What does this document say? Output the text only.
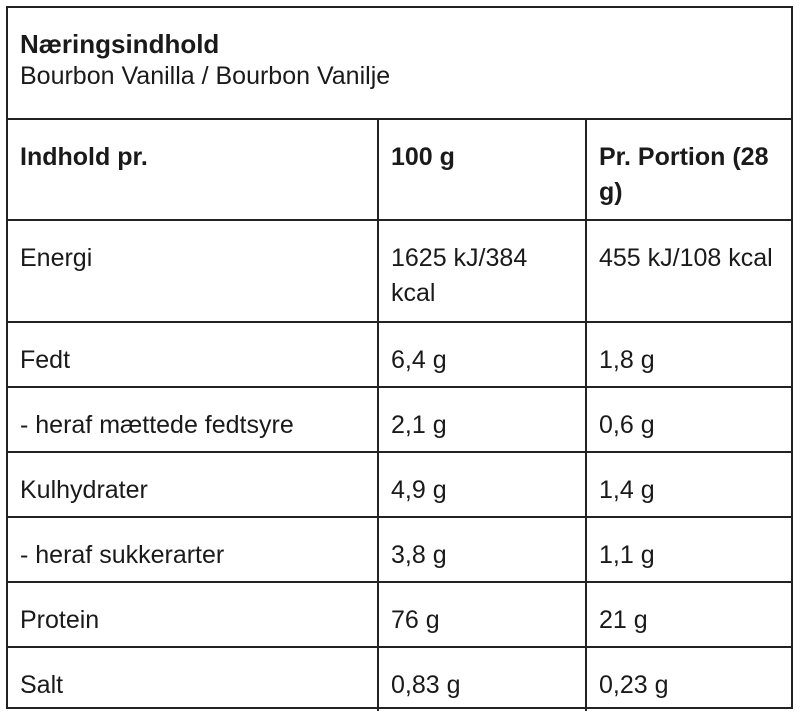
Næringsindhold
Bourbon Vanilla / Bourbon Vanilje
Indhold pr.	100 g	Pr. Portion (28 g)
Energi	1625 kJ/384 kcal	455 kJ/108 kcal
Fedt	6,4 g	1,8 g
- heraf mættede fedtsyre	2,1 g	0,6 g
Kulhydrater	4,9 g	1,4 g
- heraf sukkerarter	3,8 g	1,1 g
Protein	76 g	21 g
Salt	0,83 g	0,23 g
